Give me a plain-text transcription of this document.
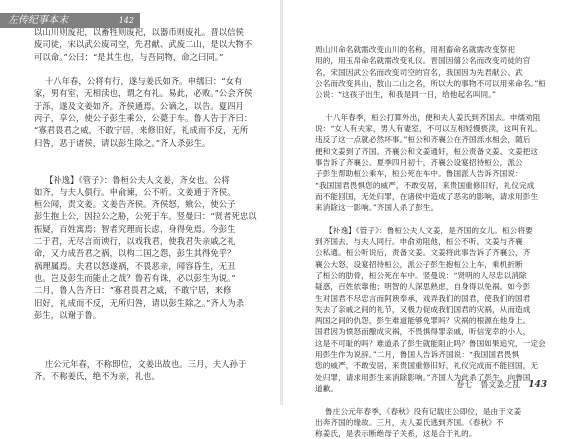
左传纪事本末	142
以山川则废祀，以畜牲则废祀，以器币则废礼。晋以信侯
废司徒，宋以武公废司空，先君献、武废二山，是以大物不
可以命。”公曰：“是其生也，与吾同物，命之曰同。”

十八年春，公将有行，遂与姜氏如齐。申𦈡曰：“女有
家，男有室，无相渎也，谓之有礼。易此，必败。”公会齐侯
于泺，遂及文姜如齐。齐侯通焉。公谪之，以告。夏四月
丙子，享公，使公子彭生乘公，公薨于车。鲁人告于齐曰：
“寡君畏君之威，不敢宁居，来修旧好，礼成而不反，无所
归咎，恶于诸侯，请以彭生除之。”齐人杀彭生。

【补逸】《管子》：鲁桓公夫人文姜，齐女也。公将
如齐，与夫人俱行。申俞谏，公不听。文姜通于齐侯。
桓公闻，责文姜。文姜告齐侯。齐侯怒，飨公，使公子
彭生抱上公，因拉公之胁，公死于车。竖曼曰：“贤者死忠以
振疑，百姓寓焉；智者究理而长虑，身得免焉。今彭生
二于君，无尽言而谀行，以戏我君，使我君失亲戚之礼
命，又力成吾君之祸，以构二国之怨，彭生其得免乎？
祸理属焉。夫君以怒遂祸，不畏恶亲，闻容昏生，无丑
也。岂及彭生而能止之哉？鲁若有诛，必以彭生为说。”
二月，鲁人告齐曰：“寡君畏君之威，不敢宁居，来修
旧好，礼成而不反，无所归咎，请以彭生除之。”齐人为杀
彭生，以谢于鲁。

庄公元年春，不称即位，文姜出故也。三月，夫人孙于
齐。不称姜氏，绝不为亲，礼也。
周山川命名就需改变山川的名称，用祖畜命名就需改变祭祀
用的，用玉帛命名就需改变礼仪。晋国因僖公名而改变司徒的官
名，宋国因武公名而改变司空的官名，我国因为先君献公、武
公名而改变具山、敖山二山之名，所以大的事物不可以用来命名。”桓
公说：“这孩子出生，和我是同一日，给他起名叫同。”

十八年春季，桓公打算外出，便和夫人姜氏到齐国去。申𦈡劝阻
说：“女人有夫家，男人有妻室，不可以互相轻慢亵渎，这叫有礼。
违反了这一点就必然坏事。”桓公和齐襄公在齐国泺水相会，随后
便和文姜到了齐国。齐襄公和文姜通奸，桓公责备文姜。文姜把这
事告诉了齐襄公。夏季四月初十，齐襄公设宴招待桓公，派公
子彭生帮助桓公乘车，桓公死在车中。鲁国派人告诉齐国说：
“我国国君畏惧您的威严，不敢安居，来贵国重修旧好，礼仪完成
而不能回国，无处归罪，在诸侯中造成了恶劣的影响，请求用彭生
来消除这一影响。”齐国人杀了彭生。

【补逸】《管子》：鲁桓公夫人文姜，是齐国的女儿。桓公将要
到齐国去，与夫人同行。申俞劝阻他，桓公不听。文姜与齐襄
公私通。桓公听说后，责备文姜。文姜将此事告诉了齐襄公，齐
襄公大怒，设宴招待桓公，派公子彭生抱桓公上车，乘机折断
了桓公的肋骨，桓公死在车中。竖曼说：“贤明的人尽忠以消除
疑惑，百姓依靠他；明智的人深思熟虑，自身得以免祸。如今彭
生对国君不尽忠言而阿谀奉承，戏弄我们的国君，使我们的国君
失去了亲戚之间的礼节，又极力促成我们国君的灾祸，从而造成
两国之间的仇怨，彭生难道能够免罪吗？灾祸的根源在他身上。
国君因为愤怒而酿成灾祸，不畏惧得罪亲戚，听信宠幸的小人，
这是不可耻的吗？难道杀了彭生就能阻止吗？鲁国如果追究，一定会
用彭生作为说辞。”二月，鲁国人告诉齐国说：“我国国君畏惧
您的威严，不敢安居，来贵国重修旧好，礼仪完成而不能回国，无
处归罪，请求用彭生来消除影响。”齐国人为此杀了彭生，向鲁国
道歉。

鲁庄公元年春季，《春秋》没有记载庄公即位，是由于文姜
出奔齐国的缘故。三月，夫人姜氏逃到齐国。《春秋》不
称姜氏，是表示断绝母子关系，这是合于礼的。
卷七　鲁文姜之乱 143
